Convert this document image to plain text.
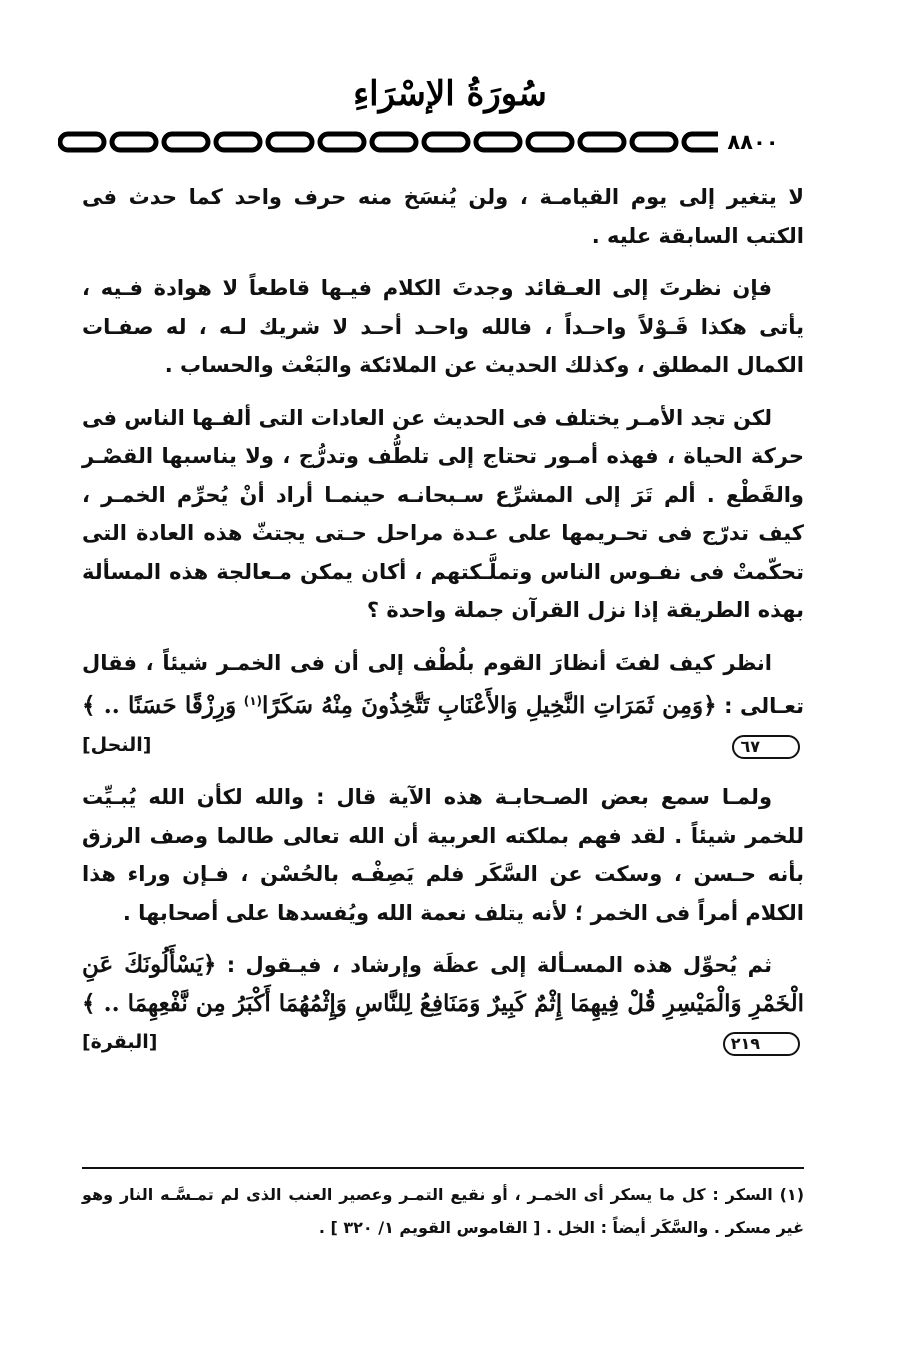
سُورَةُ الإسْرَاءِ
٨٨٠٠

لا يتغير إلى يوم القيامـة ، ولن يُنسَخ منه حرف واحد كما حدث فى الكتب السابقة عليه .

فإن نظرتَ إلى العـقائد وجدتَ الكلام فيـها قاطعاً لا هوادة فـيه ، يأتى هكذا قَـوْلاً واحـداً ، فالله واحـد أحـد لا شريك لـه ، له صفـات الكمال المطلق ، وكذلك الحديث عن الملائكة والبَعْث والحساب .

لكن تجد الأمـر يختلف فى الحديث عن العادات التى ألفـها الناس فى حركة الحياة ، فهذه أمـور تحتاج إلى تلطُّف وتدرُّج ، ولا يناسبها القصْـر والقَطْع . ألم تَرَ إلى المشرِّع سـبحانـه حينمـا أراد أنْ يُحرِّم الخمـر ، كيف تدرّج فى تحـريمها على عـدة مراحل حـتى يجتثّ هذه العادة التى تحكّمتْ فى نفـوس الناس وتملَّـكتهم ، أكان يمكن مـعالجة هذه المسألة بهذه الطريقة إذا نزل القرآن جملة واحدة ؟

انظر كيف لفتَ أنظارَ القوم بلُطْف إلى أن فى الخمـر شيئاً ، فقال تعـالى : ﴿وَمِن ثَمَرَاتِ النَّخِيلِ وَالأَعْنَابِ تَتَّخِذُونَ مِنْهُ سَكَرًا$^{(١)}$ وَرِزْقًا حَسَنًا .. ﴾ ٦٧
[النحل]

ولمـا سمع بعض الصـحابـة هذه الآية قال : والله لكأن الله يُبـيِّت للخمر شيئاً . لقد فهم بملكته العربية أن الله تعالى طالما وصف الرزق بأنه حـسن ، وسكت عن السَّكَر فلم يَصِفْـه بالحُسْن ، فـإن وراء هذا الكلام أمراً فى الخمر ؛ لأنه يتلف نعمة الله ويُفسدها على أصحابها .

ثم يُحوِّل هذه المسـألة إلى عظَة وإرشاد ، فيـقول : ﴿يَسْأَلُونَكَ عَنِ الْخَمْرِ وَالْمَيْسِرِ قُلْ فِيهِمَا إِثْمٌ كَبِيرٌ وَمَنَافِعُ لِلنَّاسِ وَإِثْمُهُمَا أَكْبَرُ مِن نَّفْعِهِمَا .. ﴾ ٢١٩
[البقرة]

(١) السكر : كل ما يسكر أى الخمـر ، أو نقيع التمـر وعصير العنب الذى لم تمـسَّـه النار وهو غير مسكر . والسَّكَر أيضاً : الخل . [ القاموس القويم ١/ ٣٢٠ ] .
